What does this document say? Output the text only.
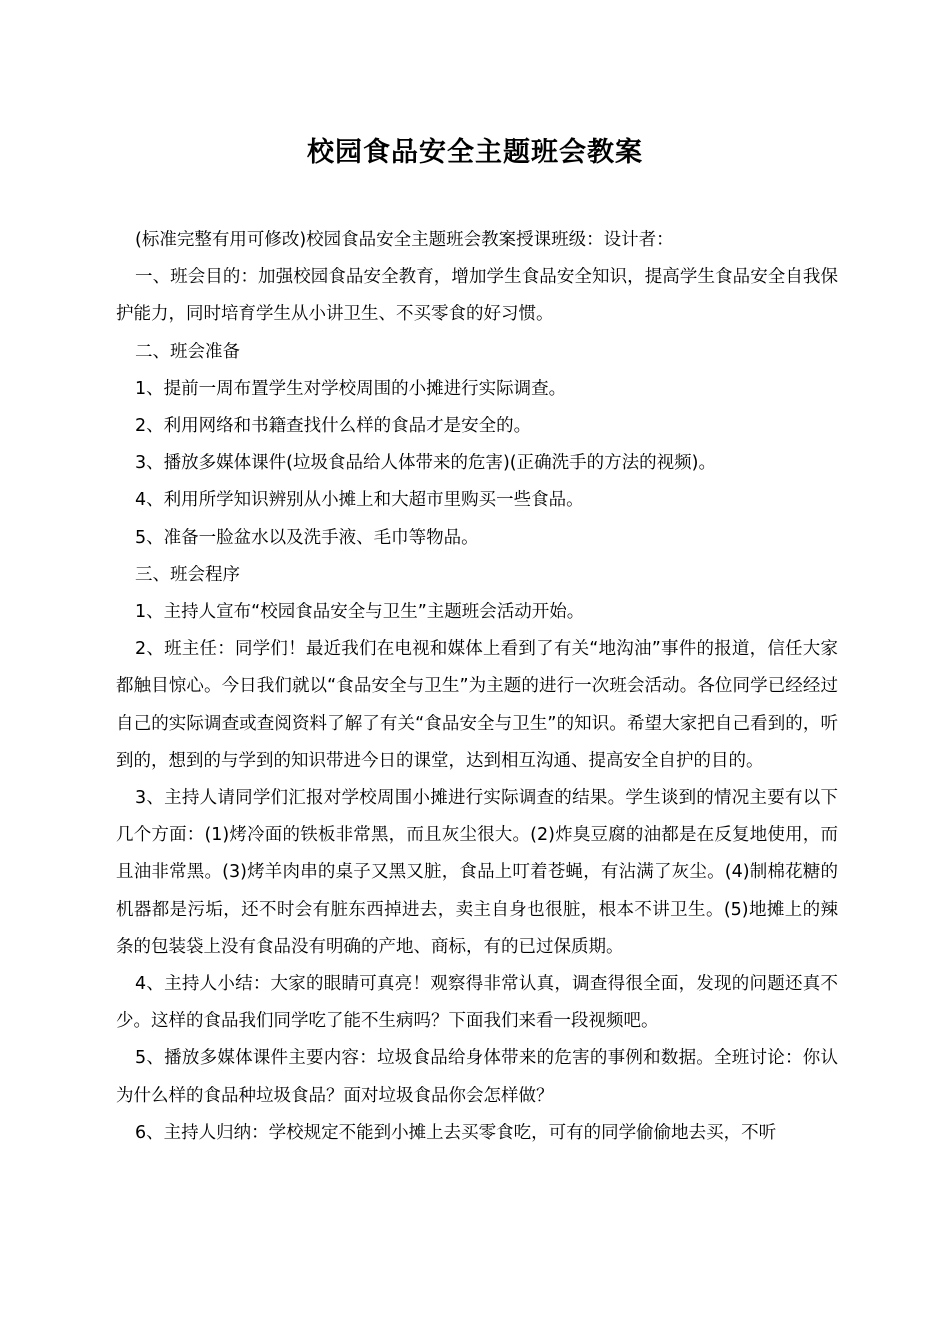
校园食品安全主题班会教案

(标准完整有用可修改)校园食品安全主题班会教案授课班级：设计者：

一、班会目的：加强校园食品安全教育，增加学生食品安全知识，提高学生食品安全自我保护能力，同时培育学生从小讲卫生、不买零食的好习惯。

二、班会准备

1、提前一周布置学生对学校周围的小摊进行实际调查。

2、利用网络和书籍查找什么样的食品才是安全的。

3、播放多媒体课件(垃圾食品给人体带来的危害)(正确洗手的方法的视频)。

4、利用所学知识辨别从小摊上和大超市里购买一些食品。

5、准备一脸盆水以及洗手液、毛巾等物品。

三、班会程序

1、主持人宣布“校园食品安全与卫生”主题班会活动开始。

2、班主任：同学们！最近我们在电视和媒体上看到了有关“地沟油”事件的报道，信任大家都触目惊心。今日我们就以“食品安全与卫生”为主题的进行一次班会活动。各位同学已经经过自己的实际调查或查阅资料了解了有关“食品安全与卫生”的知识。希望大家把自己看到的，听到的，想到的与学到的知识带进今日的课堂，达到相互沟通、提高安全自护的目的。

3、主持人请同学们汇报对学校周围小摊进行实际调查的结果。学生谈到的情况主要有以下几个方面：(1)烤冷面的铁板非常黑，而且灰尘很大。(2)炸臭豆腐的油都是在反复地使用，而且油非常黑。(3)烤羊肉串的桌子又黑又脏，食品上叮着苍蝇，有沾满了灰尘。(4)制棉花糖的机器都是污垢，还不时会有脏东西掉进去，卖主自身也很脏，根本不讲卫生。(5)地摊上的辣条的包装袋上没有食品没有明确的产地、商标，有的已过保质期。

4、主持人小结：大家的眼睛可真亮！观察得非常认真，调查得很全面，发现的问题还真不少。这样的食品我们同学吃了能不生病吗？下面我们来看一段视频吧。

5、播放多媒体课件主要内容：垃圾食品给身体带来的危害的事例和数据。全班讨论：你认为什么样的食品种垃圾食品？面对垃圾食品你会怎样做？

6、主持人归纳：学校规定不能到小摊上去买零食吃，可有的同学偷偷地去买，不听
